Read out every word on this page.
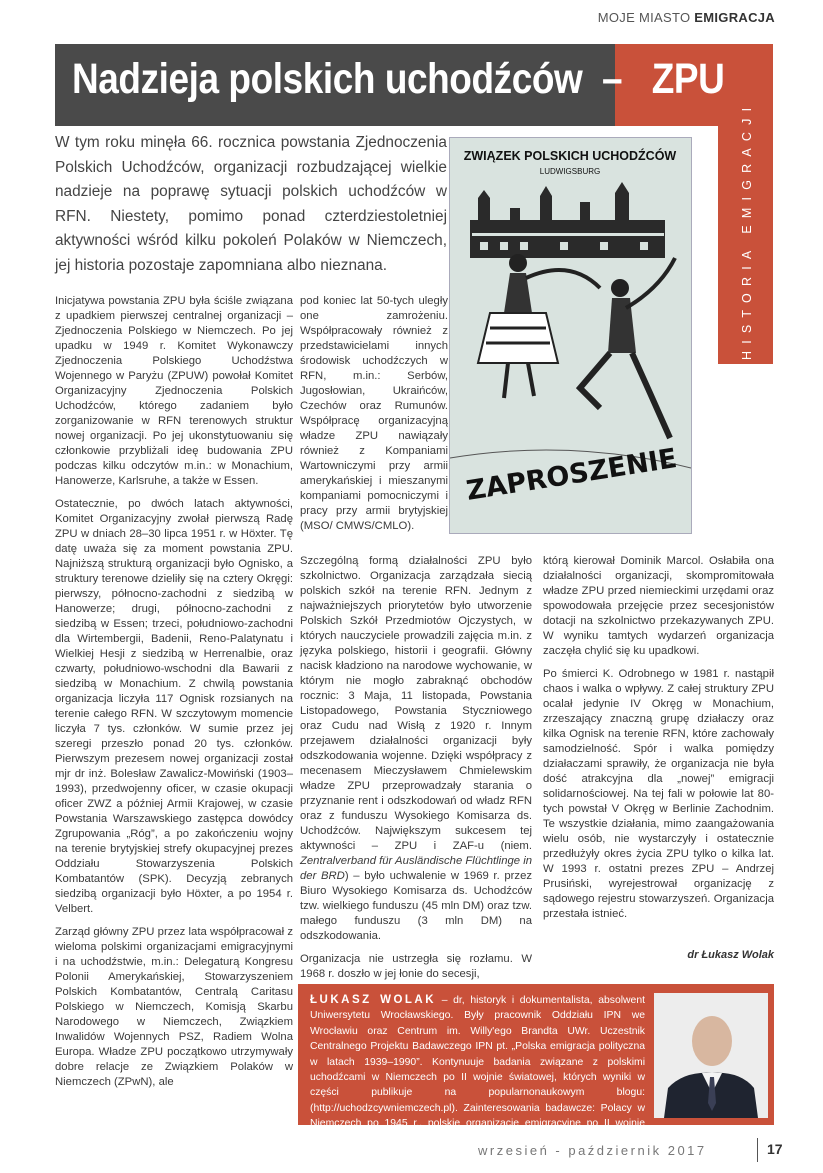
MOJE MIASTO EMIGRACJA
Nadzieja polskich uchodźców – ZPU
HISTORIA EMIGRACJI
W tym roku minęła 66. rocznica powstania Zjednoczenia Polskich Uchodźców, organizacji rozbudzającej wielkie nadzieje na poprawę sytuacji polskich uchodźców w RFN. Niestety, pomimo ponad czterdziestoletniej aktywności wśród kilku pokoleń Polaków w Niemczech, jej historia pozostaje zapomniana albo nieznana.
ZWIĄZEK POLSKICH UCHODŹCÓW
LUDWIGSBURG
ZAPROSZENIE

Inicjatywa powstania ZPU była ściśle związana z upadkiem pierwszej centralnej organizacji – Zjednoczenia Polskiego w Niemczech. Po jej upadku w 1949 r. Komitet Wykonawczy Zjednoczenia Polskiego Uchodźstwa Wojennego w Paryżu (ZPUW) powołał Komitet Organizacyjny Zjednoczenia Polskich Uchodźców, którego zadaniem było zorganizowanie w RFN terenowych struktur nowej organizacji. Po jej ukonstytuowaniu się członkowie przybliżali ideę budowania ZPU podczas kilku odczytów m.in.: w Monachium, Hanowerze, Karlsruhe, a także w Essen.

Ostatecznie, po dwóch latach aktywności, Komitet Organizacyjny zwołał pierwszą Radę ZPU w dniach 28–30 lipca 1951 r. w Höxter. Tę datę uważa się za moment powstania ZPU. Najniższą strukturą organizacji było Ognisko, a struktury terenowe dzieliły się na cztery Okręgi: pierwszy, północno-zachodni z siedzibą w Hanowerze; drugi, północno-zachodni z siedzibą w Essen; trzeci, południowo-zachodni dla Wirtembergii, Badenii, Reno-Palatynatu i Wielkiej Hesji z siedzibą w Herrenalbie, oraz czwarty, południowo-wschodni dla Bawarii z siedzibą w Monachium. Z chwilą powstania organizacja liczyła 117 Ognisk rozsianych na terenie całego RFN. W szczytowym momencie liczyła 7 tys. członków. W sumie przez jej szeregi przeszło ponad 20 tys. członków. Pierwszym prezesem nowej organizacji został mjr dr inż. Bolesław Zawalicz-Mowiński (1903–1993), przedwojenny oficer, w czasie okupacji oficer ZWZ a później Armii Krajowej, w czasie Powstania Warszawskiego zastępca dowódcy Zgrupowania „Róg”, a po zakończeniu wojny na terenie brytyjskiej strefy okupacyjnej prezes Oddziału Stowarzyszenia Polskich Kombatantów (SPK). Decyzją zebranych siedzibą organizacji było Höxter, a po 1954 r. Velbert.

Zarząd główny ZPU przez lata współpracował z wieloma polskimi organizacjami emigracyjnymi i na uchodźstwie, m.in.: Delegaturą Kongresu Polonii Amerykańskiej, Stowarzyszeniem Polskich Kombatantów, Centralą Caritasu Polskiego w Niemczech, Komisją Skarbu Narodowego w Niemczech, Związkiem Inwalidów Wojennych PSZ, Radiem Wolna Europa. Władze ZPU początkowo utrzymywały dobre relacje ze Związkiem Polaków w Niemczech (ZPwN), ale

pod koniec lat 50-tych uległy one zamrożeniu. Współpracowały również z przedstawicielami innych środowisk uchodźczych w RFN, m.in.: Serbów, Jugosłowian, Ukraińców, Czechów oraz Rumunów. Współpracę organizacyjną władze ZPU nawiązały również z Kompaniami Wartowniczymi przy armii amerykańskiej i mieszanymi kompaniami pomocniczymi i pracy przy armii brytyjskiej (MSO/ CMWS/CMLO).

Szczególną formą działalności ZPU było szkolnictwo. Organizacja zarządzała siecią polskich szkół na terenie RFN. Jednym z najważniejszych priorytetów było utworzenie Polskich Szkół Przedmiotów Ojczystych, w których nauczyciele prowadzili zajęcia m.in. z języka polskiego, historii i geografii. Główny nacisk kładziono na narodowe wychowanie, w którym nie mogło zabraknąć obchodów rocznic: 3 Maja, 11 listopada, Powstania Listopadowego, Powstania Styczniowego oraz Cudu nad Wisłą z 1920 r. Innym przejawem działalności organizacji były odszkodowania wojenne. Dzięki współpracy z mecenasem Mieczysławem Chmielewskim władze ZPU przeprowadzały starania o przyznanie rent i odszkodowań od władz RFN oraz z funduszu Wysokiego Komisarza ds. Uchodźców. Największym sukcesem tej aktywności – ZPU i ZAF-u (niem. Zentralverband für Ausländische Flüchtlinge in der BRD) – było uchwalenie w 1969 r. przez Biuro Wysokiego Komisarza ds. Uchodźców tzw. wielkiego funduszu (45 mln DM) oraz tzw. małego funduszu (3 mln DM) na odszkodowania.

Organizacja nie ustrzegła się rozłamu. W 1968 r. doszło w jej łonie do secesji,

którą kierował Dominik Marcol. Osłabiła ona działalności organizacji, skompromitowała władze ZPU przed niemieckimi urzędami oraz spowodowała przejęcie przez secesjonistów dotacji na szkolnictwo przekazywanych ZPU. W wyniku tamtych wydarzeń organizacja zaczęła chylić się ku upadkowi.

Po śmierci K. Odrobnego w 1981 r. nastąpił chaos i walka o wpływy. Z całej struktury ZPU ocalał jedynie IV Okręg w Monachium, zrzeszający znaczną grupę działaczy oraz kilka Ognisk na terenie RFN, które zachowały samodzielność. Spór i walka pomiędzy działaczami sprawiły, że organizacja nie była dość atrakcyjna dla „nowej” emigracji solidarnościowej. Na tej fali w połowie lat 80-tych powstał V Okręg w Berlinie Zachodnim. Te wszystkie działania, mimo zaangażowania wielu osób, nie wystarczyły i ostatecznie przedłużyły okres życia ZPU tylko o kilka lat. W 1993 r. ostatni prezes ZPU – Andrzej Prusiński, wyrejestrował organizację z sądowego rejestru stowarzyszeń. Organizacja przestała istnieć.

dr Łukasz Wolak
ŁUKASZ WOLAK – dr, historyk i dokumentalista, absolwent Uniwersytetu Wrocławskiego. Były pracownik Oddziału IPN we Wrocławiu oraz Centrum im. Willy'ego Brandta UWr. Uczestnik Centralnego Projektu Badawczego IPN pt. „Polska emigracja polityczna w latach 1939–1990”. Kontynuuje badania związane z polskimi uchodźcami w Niemczech po II wojnie światowej, których wyniki w części publikuje na popularnonaukowym blogu: (http://uchodzcywniemczech.pl). Zainteresowania badawcze: Polacy w Niemczech po 1945 r., polskie organizacje emigracyjne po II wojnie światowej, działacze emigracyjni w Niemczech po 1945 r., tajne służby PRL.	wrzesień - październik 2017	17
